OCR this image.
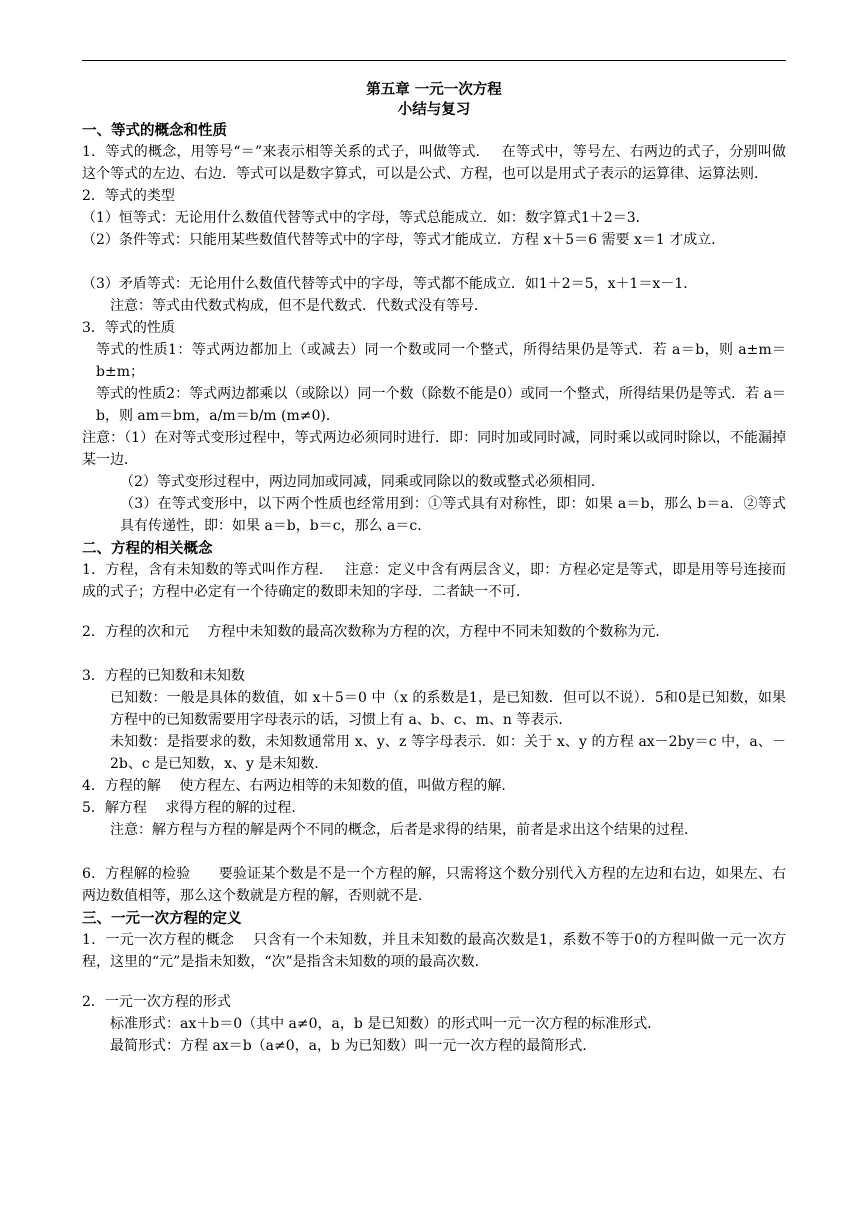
第五章 一元一次方程
小结与复习
一、等式的概念和性质

1．等式的概念，用等号“＝”来表示相等关系的式子，叫做等式．　 在等式中，等号左、右两边的式子，分别叫做这个等式的左边、右边．等式可以是数字算式，可以是公式、方程，也可以是用式子表示的运算律、运算法则．

2．等式的类型

（1）恒等式：无论用什么数值代替等式中的字母，等式总能成立．如：数字算式1＋2＝3．

（2）条件等式：只能用某些数值代替等式中的字母，等式才能成立．方程 x＋5＝6 需要 x＝1 才成立．

（3）矛盾等式：无论用什么数值代替等式中的字母，等式都不能成立．如1＋2＝5，x＋1＝x－1．

注意：等式由代数式构成，但不是代数式．代数式没有等号．

3．等式的性质

等式的性质1：等式两边都加上（或减去）同一个数或同一个整式，所得结果仍是等式．若 a＝b，则 a±m＝b±m；

等式的性质2：等式两边都乘以（或除以）同一个数（除数不能是0）或同一个整式，所得结果仍是等式．若 a＝b，则 am＝bm，a/m＝b/m (m≠0)．

注意：（1）在对等式变形过程中，等式两边必须同时进行．即：同时加或同时减，同时乘以或同时除以，不能漏掉某一边．

（2）等式变形过程中，两边同加或同减，同乘或同除以的数或整式必须相同．

（3）在等式变形中，以下两个性质也经常用到：①等式具有对称性，即：如果 a＝b，那么 b＝a．②等式具有传递性，即：如果 a＝b，b＝c，那么 a＝c．

二、方程的相关概念

1．方程，含有未知数的等式叫作方程．　 注意：定义中含有两层含义，即：方程必定是等式，即是用等号连接而成的式子；方程中必定有一个待确定的数即未知的字母．二者缺一不可．

2．方程的次和元　 方程中未知数的最高次数称为方程的次，方程中不同未知数的个数称为元．

3．方程的已知数和未知数

已知数：一般是具体的数值，如 x＋5＝0 中（x 的系数是1，是已知数．但可以不说）．5和0是已知数，如果方程中的已知数需要用字母表示的话，习惯上有 a、b、c、m、n 等表示．

未知数：是指要求的数，未知数通常用 x、y、z 等字母表示．如：关于 x、y 的方程 ax－2by＝c 中，a、－2b、c 是已知数，x、y 是未知数．

4．方程的解　 使方程左、右两边相等的未知数的值，叫做方程的解．

5．解方程　 求得方程的解的过程．

注意：解方程与方程的解是两个不同的概念，后者是求得的结果，前者是求出这个结果的过程．

6．方程解的检验　　要验证某个数是不是一个方程的解，只需将这个数分别代入方程的左边和右边，如果左、右两边数值相等，那么这个数就是方程的解，否则就不是．

三、一元一次方程的定义

1．一元一次方程的概念　 只含有一个未知数，并且未知数的最高次数是1，系数不等于0的方程叫做一元一次方程，这里的“元”是指未知数，“次”是指含未知数的项的最高次数．

2．一元一次方程的形式

标准形式：ax＋b＝0（其中 a≠0，a，b 是已知数）的形式叫一元一次方程的标准形式．

最简形式：方程 ax＝b（a≠0，a，b 为已知数）叫一元一次方程的最简形式．
